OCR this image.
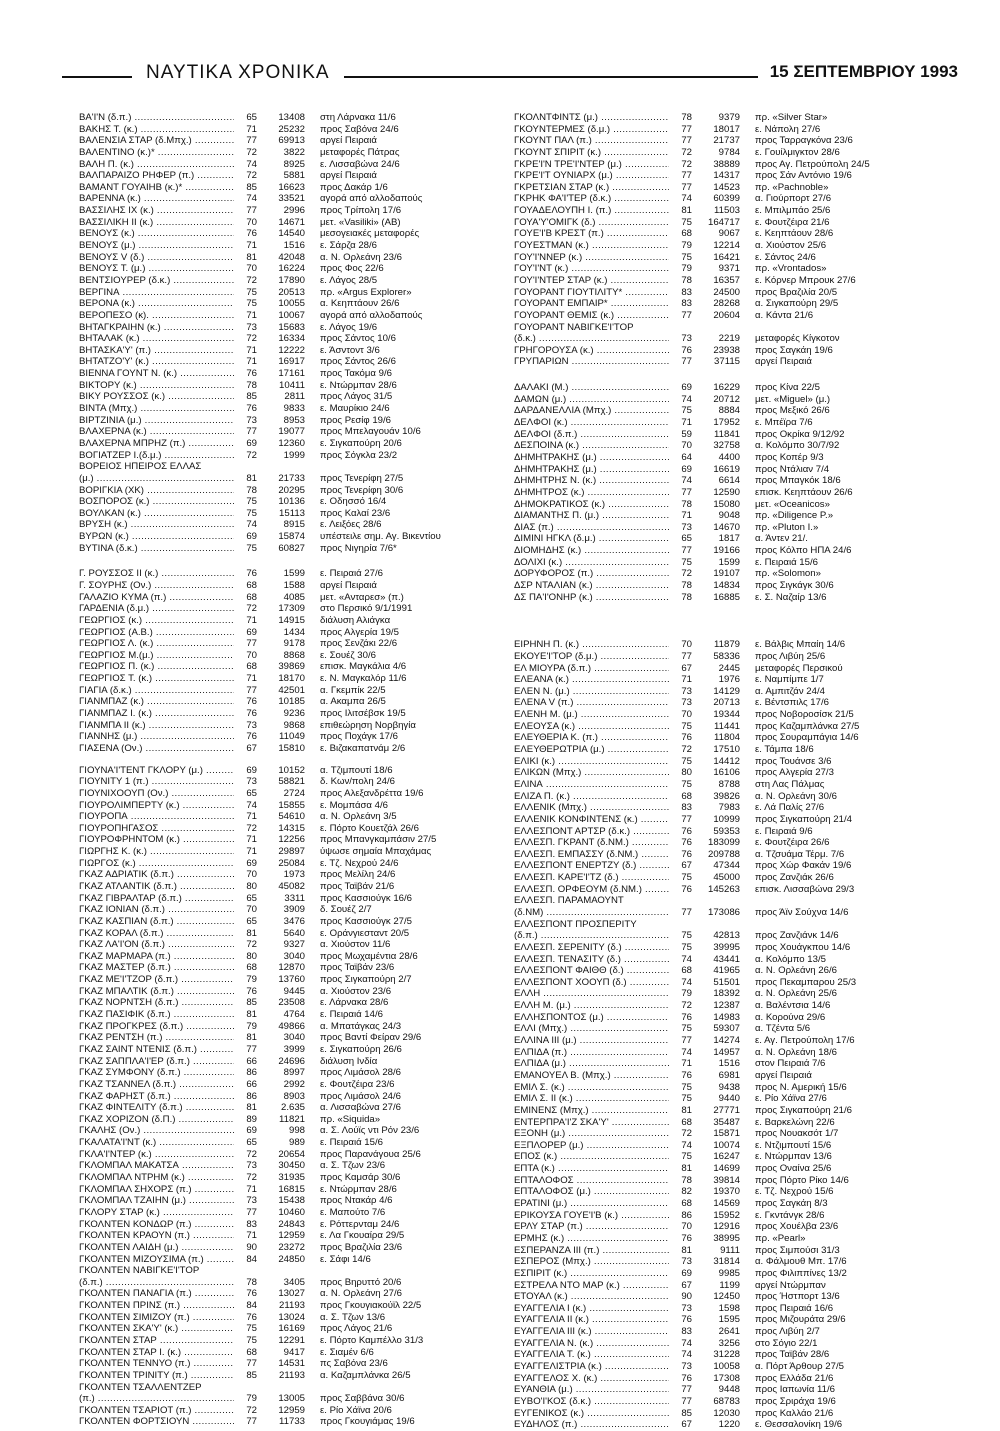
ΝΑΥΤΙΚΑ ΧΡΟΝΙΚΑ	15 ΣΕΠΤΕΜΒΡΙΟΥ 1993
ΒΑ'Ι'Ν (δ.π.) .....	65	13408 στη Λάρνακα 11/6
ΒΑΚΗΣ Τ. (κ.) .....	71	25232 προς Σαβόνα 24/6
ΒΑΛΕΝΣΙΑ ΣΤΑΡ (δ.Μπχ.) .....	77	69913 αργεί Πειραιά
ΒΑΛΕΝΤΙΝΟ (κ.)* .....	72	3822 μεταφορές Πάτρας
ΒΑΛΗ Π. (κ.) .....	74	8925 ε. Λισσαβώνα 24/6
ΒΑΛΠΑΡΑΙΖΟ ΡΗΦΕΡ (π.) .....	72	5881 αργεί Πειραιά
ΒΑΜΑΝΤ ΓΟΥΑΙΗΒ (κ.)* .....	85	16623 προς Δακάρ 1/6
ΒΑΡΕΝΝΑ (κ.) .....	74	33521 αγορά από αλλοδαπούς
ΒΑΣΣΙΛΗΣ ΙΧ (κ.) .....	77	2996 προς Τρίπολη 17/6
ΒΑΣΣΙΛΙΚΗ ΙΙ (κ.) .....	70	14671 μετ. «Vasiliki» (ΑΒ)
ΒΕΝΟΥΣ (κ.) .....	76	14540 μεσογειακές μεταφορές
ΒΕΝΟΥΣ (μ.) .....	71	1516 ε. Σάρζα 28/6
ΒΕΝΟΥΣ V (δ.) .....	81	42048 α. Ν. Ορλεάνη 23/6
ΒΕΝΟΥΣ Τ. (μ.) .....	70	16224 προς Φος 22/6
ΒΕΝΤΣΙΟΥΡΕΡ (δ.κ.) .....	72	17890 ε. Λάγος 28/5
ΒΕΡΓΙΝΑ .....	75	20513 πρ. «Argus Explorer»
ΒΕΡΟΝΑ (κ.) .....	75	10055 α. Κεηπτάουν 26/6
ΒΕΡΟΠΕΣΟ (κ). .....	71	10067 αγορά από αλλοδαπούς
ΒΗΤΑΓΚΡΑΙΗΝ (κ.) .....	73	15683 ε. Λάγος 19/6
ΒΗΤΑΛΑΚ (κ.) .....	72	16334 προς Σάντος 10/6
ΒΗΤΑΣΚΑ'Υ' (π.) .....	71	12222 ε. Άσντοντ 3/6
ΒΗΤΑΤΖΟ'Υ' (κ.) .....	71	16917 προς Σάντος 26/6
ΒΙΕΝΝΑ ΓΟΥΝΤ Ν. (κ.) .....	76	17161 προς Τακόμα 9/6
ΒΙΚΤΟΡΥ (κ.) .....	78	10411 ε. Ντώρμπαν 28/6
ΒΙΚΥ ΡΟΥΣΣΟΣ (κ.) .....	85	2811 προς Λάγος 31/5
ΒΙΝΤΑ (Μπχ.) .....	76	9833 ε. Μαυρίκιο 24/6
ΒΙΡΤΖΙΝΙΑ (μ.) .....	73	8953 προς Ρεσίφ 19/6
ΒΛΑΧΕΡΝΑ (κ.) .....	77	19077 προς Μπελαγουάν 10/6
ΒΛΑΧΕΡΝΑ ΜΠΡΗΖ (π.) .....	69	12360 ε. Σιγκαπούρη 20/6
ΒΟΓΙΑΤΖΕΡ Ι.(δ.μ.) .....	72	1999 προς Σόγκλα 23/2
ΒΟΡΕΙΟΣ ΗΠΕΙΡΟΣ ΕΛΛΑΣ
(μ.) .....	81	21733 προς Τενερίφη 27/5
ΒΟΡΙΓΚΙΑ (ΧΚ) .....	78	20295 προς Τενερίφη 30/6
ΒΟΣΠΟΡΟΣ (κ.) .....	75	10136 ε. Οδησσό 16/4
ΒΟΥΛΚΑΝ (κ.) .....	75	15113 προς Καλαί 23/6
ΒΡΥΣΗ (κ.) .....	74	8915 ε. Λειξόες 28/6
ΒΥΡΩΝ (κ.) .....	69	15874 υπέστειλε σημ. Αγ. Βικεντίου
ΒΥΤΙΝΑ (δ.κ.) .....	75	60827 προς Νιγηρία 7/6*
Γ. ΡΟΥΣΣΟΣ ΙΙ (κ.) .....	76	1599 ε. Πειραιά 27/6
Γ. ΣΟΥΡΗΣ (Ον.) .....	68	1588 αργεί Πειραιά
ΓΑΛΑΖΙΟ ΚΥΜΑ (π.) .....	68	4085 μετ. «Ανταρεσ» (π.)
ΓΑΡΔΕΝΙΑ (δ.μ.) .....	72	17309 στο Περσικό 9/1/1991
ΓΕΩΡΓΙΟΣ (κ.) .....	71	14915 διάλυση Αλιάγκα
ΓΕΩΡΓΙΟΣ (Α.Β.) .....	69	1434 προς Αλγερία 19/5
ΓΕΩΡΓΙΟΣ Λ. (κ.) .....	77	9178 προς Σενζάκι 22/6
ΓΕΩΡΓΙΟΣ Μ.(μ.) .....	70	8868 ε. Σουέζ 30/6
ΓΕΩΡΓΙΟΣ Π. (κ.) .....	68	39869 επισκ. Μαγκάλια 4/6
ΓΕΩΡΓΙΟΣ Τ. (κ.) .....	71	18170 ε. Ν. Μαγκαλόρ 11/6
ΓΙΑΓΙΑ (δ.κ.) .....	77	42501 α. Γκεμπίκ 22/5
ΓΙΑΝΜΠΑΖ (κ.) .....	76	10185 α. Ακαμπα 26/5
ΓΙΑΝΜΠΑΖ Ι. (κ.) .....	76	9236 προς Ιλιτσέβσκ 19/5
ΓΙΑΝΜΠΑ ΙΙ (κ.) .....	73	9868 επιθεώρηση Νορβηγία
ΓΙΑΝΝΗΣ (μ.) .....	76	11049 προς Ποχάγκ 17/6
ΓΙΑΣΕΝΑ (Ον.) .....	67	15810 ε. Βιζακαπατνάμ 2/6
ΓΙΟΥΝΑ'Ι'ΤΕΝΤ ΓΚΛΟΡΥ (μ.) .....	69	10152 α. Τζιμπουτί 18/6
ΓΙΟΥΝΙΤΥ 1 (π.) .....	73	58821 δ. Κων/πολη 24/6
ΓΙΟΥΝΙΧΟΟΥΠ (Ον.) .....	65	2724 προς Αλεξανδρέττα 19/6
ΓΙΟΥΡΟΛΙΜΠΕΡΤΥ (κ.) .....	74	15855 ε. Μομπάσα 4/6
ΓΙΟΥΡΟΠΑ .....	71	54610 α. Ν. Ορλεάνη 3/5
ΓΙΟΥΡΟΠΗΓΑΣΟΣ .....	72	14315 ε. Πόρτο Κουετζάλ 26/6
ΓΙΟΥΡΟΦΡΗΝΤΟΜ (κ.) .....	71	12256 προς Μπανγκαμπάσιν 27/5
ΓΙΩΡΓΗΣ Κ. (κ.) .....	71	29897 ύψωσε σημαία Μπαχάμας
ΓΙΩΡΓΟΣ (κ.) .....	69	25084 ε. Τζ. Νεχρού 24/6
ΓΚΑΖ ΑΔΡΙΑΤΙΚ (δ.π.) .....	70	1973 προς Μελίλη 24/6
ΓΚΑΖ ΑΤΛΑΝΤΙΚ (δ.π.) .....	80	45082 προς Ταϊβάν 21/6
ΓΚΑΖ ΓΙΒΡΑΛΤΑΡ (δ.π.) .....	65	3311 προς Κασσιούγκ 16/6
ΓΚΑΖ ΙΟΝΙΑΝ (δ.π.) .....	70	3909 δ. Σουέζ 2/7
ΓΚΑΖ ΚΑΣΠΙΑΝ (δ.π.) .....	65	3476 προς Κασσιούγκ 27/5
ΓΚΑΖ ΚΟΡΑΛ (δ.π.) .....	81	5640 ε. Οράνγιεσταντ 20/5
ΓΚΑΖ ΛΑ'Ι'ΟΝ (δ.π.) .....	72	9327 α. Χιούστον 11/6
ΓΚΑΖ ΜΑΡΜΑΡΑ (π.) .....	80	3040 προς Μωχαμέντια 28/6
ΓΚΑΖ ΜΑΣΤΕΡ (δ.π.) .....	68	12870 προς Ταϊβάν 23/6
ΓΚΑΖ ΜΕ'Ι'ΤΖΟΡ (δ.π.) .....	79	13760 προς Σιγκαπούρη 2/7
ΓΚΑΖ ΜΠΑΛΤΙΚ (δ.π.) .....	76	9445 α. Χιούστον 23/6
ΓΚΑΖ ΝΟΡΝΤΣΗ (δ.π.) .....	85	23508 ε. Λάρνακα 28/6
ΓΚΑΖ ΠΑΣΙΦΙΚ (δ.π.) .....	81	4764 ε. Πειραιά 14/6
ΓΚΑΖ ΠΡΟΓΚΡΕΣ (δ.π.) .....	79	49866 α. Μπατάγκας 24/3
ΓΚΑΖ ΡΕΝΤΣΗ (π.) .....	81	3040 προς Βαντί Φείραν 29/6
ΓΚΑΖ ΣΑΙΝΤ ΝΤΕΝΙΣ (δ.π.) .....	77	3999 ε. Σιγκαπούρη 26/6
ΓΚΑΖ ΣΑΠΠΛΑ'Ι'ΕΡ (δ.π.) .....	66	24696 διάλυση Ινδία
ΓΚΑΖ ΣΥΜΦΟΝΥ (δ.π.) .....	86	8997 προς Λιμάσολ 28/6
ΓΚΑΖ ΤΣΑΝΝΕΛ (δ.π.) .....	66	2992 ε. Φουτζέιρα 23/6
ΓΚΑΖ ΦΑΡΗΣΤ (δ.π.) .....	86	8903 προς Λιμάσολ 24/6
ΓΚΑΖ ΦΙΝΤΕΛΙΤΥ (δ.π.) .....	81	2.635 α. Λισσαβώνα 27/6
ΓΚΑΖ ΧΟΡΙΖΟΝ (δ.Π.) .....	89	11821 πρ. «Siquida»
ΓΚΑΛΗΣ (Ον.) .....	69	998 α. Σ. Λούϊς ντι Ρόν 23/6
ΓΚΑΛΑΤΑ'Ι'ΝΤ (κ.) .....	65	989 ε. Πειραιά 15/6
ΓΚΛΑ'Ι'ΝΤΕΡ (κ.) .....	72	20654 προς Παρανάγουα 25/6
ΓΚΛΟΜΠΑΛ ΜΑΚΑΤΣΑ .....	73	30450 α. Σ. Τζων 23/6
ΓΚΛΟΜΠΑΛ ΝΤΡΗΜ (κ.) .....	72	31935 προς Καμσάρ 30/6
ΓΚΛΟΜΠΑΛ ΣΗΧΟΡΣ (π.) .....	71	16815 ε. Ντώρμπαν 28/6
ΓΚΛΟΜΠΑΛ ΤΖΑΙΗΝ (μ.) .....	73	15438 προς Ντακάρ 4/6
ΓΚΛΟΡΥ ΣΤΑΡ (κ.) .....	77	10460 ε. Μαπούτο 7/6
ΓΚΟΛΝΤΕΝ ΚΟΝΔΩΡ (π.) .....	83	24843 ε. Ρόττερνταμ 24/6
ΓΚΟΛΝΤΕΝ ΚΡΑΟΥΝ (π.) .....	71	12959 ε. Λα Γκουαίρα 29/5
ΓΚΟΛΝΤΕΝ ΛΑΙΔΗ (μ.) .....	90	23272 προς Βραζιλία 23/6
ΓΚΟΛΝΤΕΝ ΜΙΖΟΥΣΙΜΑ (π.) .....	84	24850 ε. Σάφι 14/6
ΓΚΟΛΝΤΕΝ ΝΑΒΙΓΚΕ'Ι'ΤΟΡ
(δ.π.) .....	78	3405 προς Βηρυττό 20/6
ΓΚΟΛΝΤΕΝ ΠΑΝΑΓΙΑ (π.) .....	76	13027 α. Ν. Ορλεάνη 27/6
ΓΚΟΛΝΤΕΝ ΠΡΙΝΣ (π.) .....	84	21193 προς Γκουγιακούϊλ 22/5
ΓΚΟΛΝΤΕΝ ΣΙΜΙΖΟΥ (π.) .....	76	13024 α. Σ. Τζων 13/6
ΓΚΟΛΝΤΕΝ ΣΚΑ'Υ' (κ.) .....	75	16169 προς Λάγος 21/6
ΓΚΟΛΝΤΕΝ ΣΤΑΡ .....	75	12291 ε. Πόρτο Καμπέλλο 31/3
ΓΚΟΛΝΤΕΝ ΣΤΑΡ Ι. (κ.) .....	68	9417 ε. Σιαμέν 6/6
ΓΚΟΛΝΤΕΝ ΤΕΝΝΥΟ (π.) .....	77	14531 πς Σαβόνα 23/6
ΓΚΟΛΝΤΕΝ ΤΡΙΝΙΤΥ (π.) .....	85	21193 α. Καζαμπλάνκα 26/5
ΓΚΟΛΝΤΕΝ ΤΣΑΛΛΕΝΤΖΕΡ
(π.) .....	79	13005 προς Σαββάνα 30/6
ΓΚΟΛΝΤΕΝ ΤΣΑΡΙΟΤ (π.) .....	72	12959 ε. Ρίο Χάϊνα 20/6
ΓΚΟΛΝΤΕΝ ΦΟΡΤΣΙΟΥΝ .....	77	11733 προς Γκουγιάμας 19/6
ΓΚΟΛΝΤΦΙΝΤΣ (μ.) .....	78	9379 πρ. «Silver Star»
ΓΚΟΥΝΤΕΡΜΕΣ (δ.μ.) .....	77	18017 ε. Νάπολη 27/6
ΓΚΟΥΝΤ ΠΑΛ (π.) .....	77	21737 προς Ταρραγκόνα 23/6
ΓΚΟΥΝΤ ΣΠΙΡΙΤ (κ.) .....	72	9784 ε. Γουίλμιγκτον 28/6
ΓΚΡΕ'Ι'Ν ΤΡΕ'Ι'ΝΤΕΡ (μ.) .....	72	38889 προς Αγ. Πετρούπολη 24/5
ΓΚΡΕ'Ι'Τ ΟΥΝΙΑΡΧ (μ.) .....	77	14317 προς Σάν Αντόνιο 19/6
ΓΚΡΕΤΣΙΑΝ ΣΤΑΡ (κ.) .....	77	14523 πρ. «Pachnoble»
ΓΚΡΗΚ ΦΑ'Ι'ΤΕΡ (δ.κ.) .....	74	60399 α. Γιούρπορτ 27/6
ΓΟΥΑΔΕΛΟΥΠΗ Ι. (π.) .....	81	11503 ε. Μπιλμπάο 25/6
ΓΟΥΑ'Υ'ΟΜΙΓΚ (δ.) .....	75	164717 ε. Φουτζέιρα 21/6
ΓΟΥΕ'Ι'Β ΚΡΕΣΤ (π.) .....	68	9067 ε. Κεηπτάουν 28/6
ΓΟΥΕΣΤΜΑΝ (κ.) .....	79	12214 α. Χιούστον 25/6
ΓΟΥ'Ι'ΝΝΕΡ (κ.) .....	75	16421 ε. Σάντος 24/6
ΓΟΥ'Ι'ΝΤ (κ.) .....	79	9371 πρ. «Vrontados»
ΓΟΥ'Ι'ΝΤΕΡ ΣΤΑΡ (κ.) .....	78	16357 ε. Κόρνερ Μπρουκ 27/6
ΓΟΥΟΡΑΝΤ ΓΙΟΥΤΙΛΙΤΥ* .....	83	24500 προς Βραζιλία 20/5
ΓΟΥΟΡΑΝΤ ΕΜΠΑΙΡ* .....	83	28268 α. Σιγκαπούρη 29/5
ΓΟΥΟΡΑΝΤ ΘΕΜΙΣ (κ.) .....	77	20604 α. Κάντα 21/6
ΓΟΥΟΡΑΝΤ ΝΑΒΙΓΚΕ'Ι'ΤΟΡ
(δ.κ.) .....	73	2219 μεταφορές Κίγκοτον
ΓΡΗΓΟΡΟΥΣΑ (κ.) .....	76	23938 προς Σαγκάη 19/6
ΓΡΥΠΑΡΙΩΝ .....	77	37115 αργεί Πειραιά
ΔΑΛΑΚΙ (Μ.) .....	69	16229 προς Κίνα 22/5
ΔΑΜΩΝ (μ.) .....	74	20712 μετ. «Miguel» (μ.)
ΔΑΡΔΑΝΕΛΛΙΑ (Μπχ.) .....	75	8884 προς Μεξικό 26/6
ΔΕΛΦΟΙ (κ.) .....	71	17952 ε. Μπέϊρα 7/6
ΔΕΛΦΟΙ (δ.π.) .....	59	11841 προς Οκρίκα 9/12/92
ΔΕΣΠΟΙΝΑ (κ.) .....	70	32758 α. Κολόμπο 30/7/92
ΔΗΜΗΤΡΑΚΗΣ (μ.) .....	64	4400 προς Κοπέρ 9/3
ΔΗΜΗΤΡΑΚΗΣ (μ.) .....	69	16619 προς Ντάλιαν 7/4
ΔΗΜΗΤΡΗΣ Ν. (κ.) .....	74	6614 προς Μπαγκόκ 18/6
ΔΗΜΗΤΡΟΣ (κ.) .....	77	12590 επισκ. Κεηπτάουν 26/6
ΔΗΜΟΚΡΑΤΙΚΟΣ (κ.) .....	78	15080 μετ. «Oceanicos»
ΔΙΑΜΑΝΤΗΣ Π. (μ.) .....	71	9048 πρ. «Diligence P.»
ΔΙΑΣ (π.) .....	73	14670 πρ. «Pluton I.»
ΔΙΜΙΝΙ ΗΓΚΛ (δ.μ.) .....	65	1817 α. Άντεν 21/.
ΔΙΟΜΗΔΗΣ (κ.) .....	77	19166 προς Κόλπο ΗΠΑ 24/6
ΔΟΛΙΧΙ (κ.) .....	75	1599 ε. Πειραιά 15/6
ΔΟΡΥΦΟΡΟΣ (π.) .....	72	19107 πρ. «Solomon»
ΔΣΡ ΝΤΑΛΙΑΝ (κ.) .....	78	14834 προς Σιγκάγκ 30/6
ΔΣ ΠΑ'Ι'ΟΝΗΡ (κ.) .....	78	16885 ε. Σ. Ναζαίρ 13/6
ΕΙΡΗΝΗ Π. (κ.) .....	70	11879 ε. Βάλβις Μπαίη 14/6
ΕΚΟΥΕ'Ι'ΤΟΡ (δ.μ.) .....	77	58336 προς Λιβύη 25/6
ΕΛ ΜΙΟΥΡΑ (δ.π.) .....	67	2445 μεταφορές Περσικού
ΕΛΕΑΝΑ (κ.) .....	71	1976 ε. Ναμπίμπε 1/7
ΕΛΕΝ Ν. (μ.) .....	73	14129 α. Αμπιτζάν 24/4
ΕΛΕΝΑ V (π.) .....	73	20713 ε. Βέντσπιλς 17/6
ΕΛΕΝΗ Μ. (μ.) .....	70	19344 προς Νοβοροσίσκ 21/5
ΕΛΕΟΥΣΑ (κ.) .....	75	11441 προς Καζαμπλάνκα 27/5
ΕΛΕΥΘΕΡΙΑ Κ. (π.) .....	76	11804 προς Σουραμπάγια 14/6
ΕΛΕΥΘΕΡΩΤΡΙΑ (μ.) .....	72	17510 ε. Τάμπα 18/6
ΕΛΙΚΙ (κ.) .....	75	14412 προς Τουάνσε 3/6
ΕΛΙΚΩΝ (Μπχ.) .....	80	16106 προς Αλγερία 27/3
ΕΛΙΝΑ .....	75	8788 στη Λας Πάλμας
ΕΛΙΖΑ Π. (κ.) .....	68	39826 α. Ν. Ορλεάνη 30/6
ΕΛΛΕΝΙΚ (Μπχ.) .....	83	7983 ε. Λά Παλίς 27/6
ΕΛΛΕΝΙΚ ΚΟΝΦΙΝΤΕΝΣ (κ.) .....	77	10999 προς Σιγκαπούρη 21/4
ΕΛΛΕΣΠΟΝΤ ΑΡΤΣΡ (δ.κ.) .....	76	59353 ε. Πειραιά 9/6
ΕΛΛΕΣΠ. ΓΚΡΑΝΤ (δ.ΝΜ.) .....	76	183099 ε. Φουτζέιρα 26/6
ΕΛΛΕΣΠ. ΕΜΠΑΣΣΥ (δ.ΝΜ.) .....	76	209788 α. Τζσυάμα Τέρμ. 7/6
ΕΛΛΕΣΠΟΝΤ ΕΝΕΡΤΖΥ (δ.) .....	67	47344 προς Χώρ Φακάν 19/6
ΕΛΛΕΣΠ. ΚΑΡΕ'Ι'ΤΖ (δ.) .....	75	45000 προς Ζανζιάκ 26/6
ΕΛΛΕΣΠ. ΟΡΦΕΟΥΜ (δ.ΝΜ.) .....	76	145263 επισκ. Λισσαβώνα 29/3
ΕΛΛΕΣΠ. ΠΑΡΑΜΑΟΥΝΤ
(δ.ΝΜ) .....	77	173086 προς Άϊν Σούχνα 14/6
ΕΛΛΕΣΠΟΝΤ ΠΡΟΣΠΕΡΙΤΥ
(δ.π.) .....	75	42813 προς Ζανζιάνκ 14/6
ΕΛΛΕΣΠ. ΣΕΡΕΝΙΤΥ (δ.) .....	75	39995 προς Χουάγκπου 14/6
ΕΛΛΕΣΠ. ΤΕΝΑΣΙΤΥ (δ.) .....	74	43441 α. Κολόμπο 13/5
ΕΛΛΕΣΠΟΝΤ ΦΑΙΘΘ (δ.) .....	68	41965 α. Ν. Ορλεάνη 26/6
ΕΛΛΕΣΠΟΝΤ ΧΟΟΥΠ (δ.) .....	74	51501 προς Πεκαμπαρου 25/3
ΕΛΛΗ .....	79	18392 α. Ν. Ορλεάνη 25/6
ΕΛΛΗ Μ. (μ.) .....	72	12387 α. Βαλέντσια 14/6
ΕΛΛΗΣΠΟΝΤΟΣ (μ.) .....	76	14983 α. Κορούνα 29/6
ΕΛΛΙ (Μπχ.) .....	75	59307 α. Τζέντα 5/6
ΕΛΛΙΝΑ ΙΙΙ (μ.) .....	77	14274 ε. Αγ. Πετρούπολη 17/6
ΕΛΠΙΔΑ (π.) .....	74	14957 α. Ν. Ορλεάνη 18/6
ΕΛΠΙΔΑ (μ.) .....	71	1516 στον Πειραιά 7/6
ΕΜΑΝΟΥΕΛ Β. (Μπχ.) .....	76	6981 αργεί Πειραιά
ΕΜΙΛ Σ. (κ.) .....	75	9438 προς Ν. Αμερική 15/6
ΕΜΙΛ Σ. ΙΙ (κ.) .....	75	9440 ε. Ρίο Χάϊνα 27/6
ΕΜΙΝΕΝΣ (Μπχ.) .....	81	27771 προς Σιγκαπούρη 21/6
ΕΝΤΕΡΠΡΑ'Ι'Ζ ΣΚΑ'Υ' .....	68	35487 ε. Βαρκελώνη 22/6
ΕΞΟΝΗ (μ.) .....	72	15871 προς Νουακσότ 1/7
ΕΞΠΛΟΡΕΡ (μ.) .....	74	10074 ε. Ντζιμπουτί 15/6
ΕΠΟΣ (κ.) .....	75	16247 ε. Ντώρμπαν 13/6
ΕΠΤΑ (κ.) .....	81	14699 προς Οναίνα 25/6
ΕΠΤΑΛΟΦΟΣ .....	78	39814 προς Πόρτο Ρίκο 14/6
ΕΠΤΑΛΟΦΟΣ (μ.) .....	82	19370 ε. Τζ. Νεχρού 15/6
ΕΡΑΤΙΝΙ (μ.) .....	68	14569 προς Σαγκάη 8/3
ΕΡΙΚΟΥΣΑ ΓΟΥΕ'Ι'Β (κ.) .....	86	15952 ε. Γκντάνγκ 28/6
ΕΡΛΥ ΣΤΑΡ (π.) .....	70	12916 προς Χουέλβα 23/6
ΕΡΜΗΣ (κ.) .....	76	38995 πρ. «Pearl»
ΕΣΠΕΡΑΝΖΑ ΙΙΙ (π.) .....	81	9111 προς Σιμπούσι 31/3
ΕΣΠΕΡΟΣ (Μπχ.) .....	73	31814 α. Φάλμουθ Μπ. 17/6
ΕΣΠΙΡΙΤ (κ.) .....	69	9985 προς Φιλιππίνες 13/2
ΕΣΤΡΕΛΑ ΝΤΟ ΜΑΡ (κ.) .....	67	1199 αργεί Ντώρμπαν
ΕΤΟΥΑΛ (κ.) .....	90	12450 προς Ήστπορτ 13/6
ΕΥΑΓΓΕΛΙΑ Ι (κ.) .....	73	1598 προς Πειραιά 16/6
ΕΥΑΓΓΕΛΙΑ ΙΙ (κ.) .....	76	1595 προς Μιζουράτα 29/6
ΕΥΑΓΓΕΛΙΑ ΙΙΙ (κ.) .....	83	2641 προς Λιβύη 2/7
ΕΥΑΓΓΕΛΙΑ Ν. (κ.) .....	74	3256 στο Σόγιο 22/1
ΕΥΑΓΓΕΛΙΑ Τ. (κ.) .....	74	31228 προς Ταϊβάν 28/6
ΕΥΑΓΓΕΛΙΣΤΡΙΑ (κ.) .....	73	10058 α. Πόρτ Άρθουρ 27/5
ΕΥΑΓΓΕΛΟΣ Χ. (κ.) .....	76	17308 προς Ελλάδα 21/6
ΕΥΑΝΘΙΑ (μ.) .....	77	9448 προς Ιαπωνία 11/6
ΕΥΒΟ'Ι'ΚΟΣ (δ.κ.) .....	77	68783 προς Σριράχα 19/6
ΕΥΓΕΝΙΚΟΣ (κ.) .....	85	12030 προς Καλλάο 21/6
ΕΥΔΗΛΟΣ (π.) .....	67	1220 ε. Θεσσαλονίκη 19/6
